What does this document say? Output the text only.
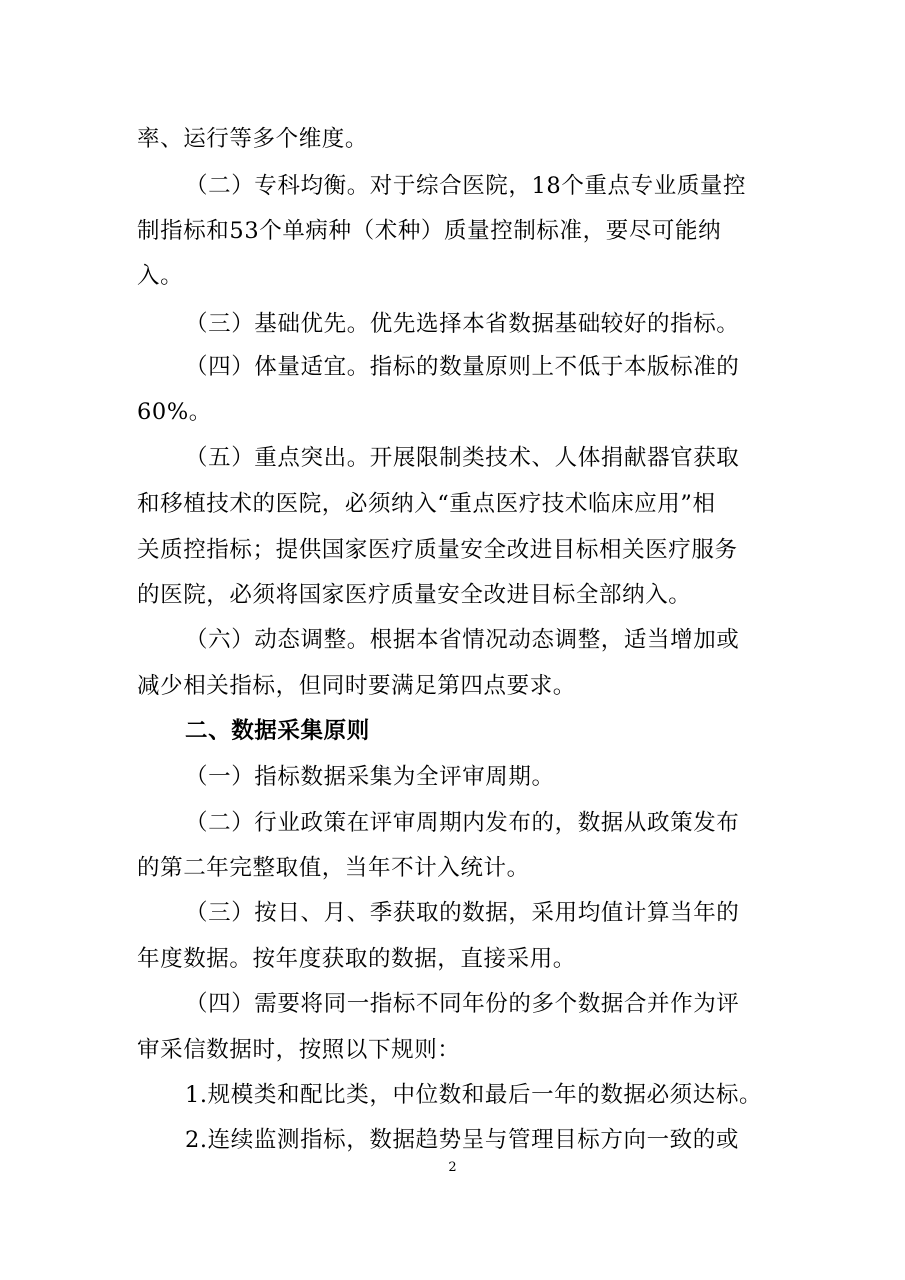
率、运行等多个维度。
（二）专科均衡。对于综合医院，18个重点专业质量控
制指标和53个单病种（术种）质量控制标准，要尽可能纳
入。
（三）基础优先。优先选择本省数据基础较好的指标。
（四）体量适宜。指标的数量原则上不低于本版标准的
60%。
（五）重点突出。开展限制类技术、人体捐献器官获取
和移植技术的医院，必须纳入“重点医疗技术临床应用”相
关质控指标；提供国家医疗质量安全改进目标相关医疗服务
的医院，必须将国家医疗质量安全改进目标全部纳入。
（六）动态调整。根据本省情况动态调整，适当增加或
减少相关指标，但同时要满足第四点要求。
二、数据采集原则
（一）指标数据采集为全评审周期。
（二）行业政策在评审周期内发布的，数据从政策发布
的第二年完整取值，当年不计入统计。
（三）按日、月、季获取的数据，采用均值计算当年的
年度数据。按年度获取的数据，直接采用。
（四）需要将同一指标不同年份的多个数据合并作为评
审采信数据时，按照以下规则：
1.规模类和配比类，中位数和最后一年的数据必须达标。
2.连续监测指标，数据趋势呈与管理目标方向一致的或
2
